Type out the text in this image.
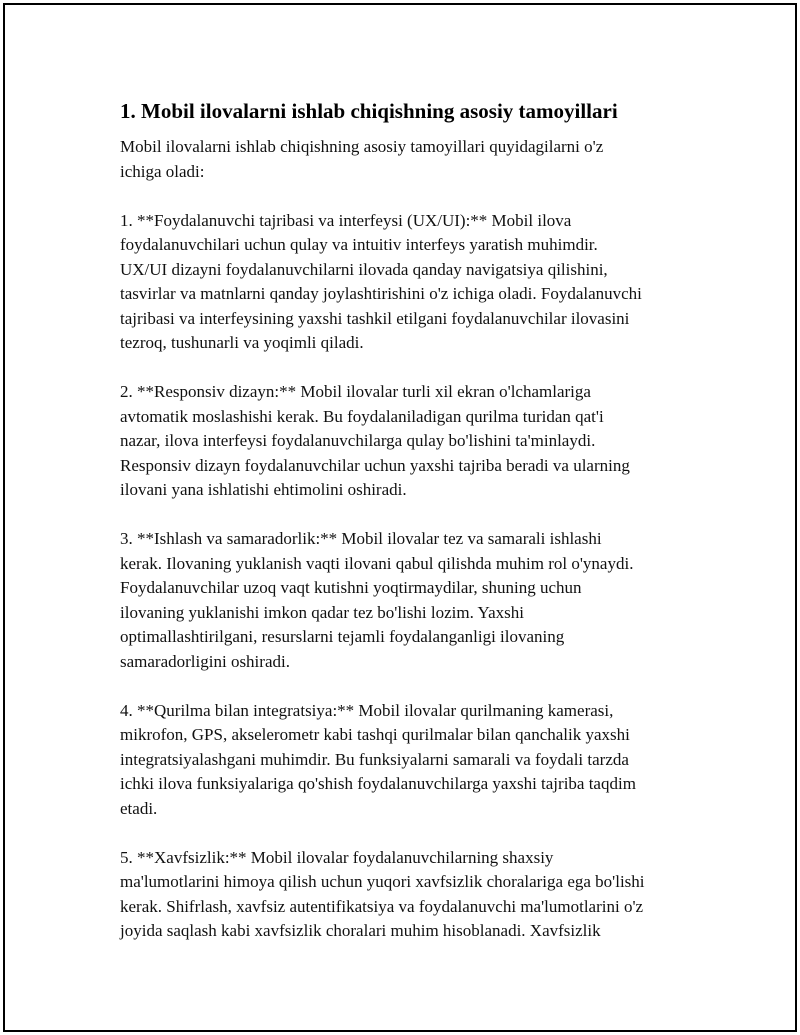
1. Mobil ilovalarni ishlab chiqishning asosiy tamoyillari

Mobil ilovalarni ishlab chiqishning asosiy tamoyillari quyidagilarni o'z
ichiga oladi:

1. **Foydalanuvchi tajribasi va interfeysi (UX/UI):** Mobil ilova
foydalanuvchilari uchun qulay va intuitiv interfeys yaratish muhimdir.
UX/UI dizayni foydalanuvchilarni ilovada qanday navigatsiya qilishini,
tasvirlar va matnlarni qanday joylashtirishini o'z ichiga oladi. Foydalanuvchi
tajribasi va interfeysining yaxshi tashkil etilgani foydalanuvchilar ilovasini
tezroq, tushunarli va yoqimli qiladi.

2. **Responsiv dizayn:** Mobil ilovalar turli xil ekran o'lchamlariga
avtomatik moslashishi kerak. Bu foydalaniladigan qurilma turidan qat'i
nazar, ilova interfeysi foydalanuvchilarga qulay bo'lishini ta'minlaydi.
Responsiv dizayn foydalanuvchilar uchun yaxshi tajriba beradi va ularning
ilovani yana ishlatishi ehtimolini oshiradi.

3. **Ishlash va samaradorlik:** Mobil ilovalar tez va samarali ishlashi
kerak. Ilovaning yuklanish vaqti ilovani qabul qilishda muhim rol o'ynaydi.
Foydalanuvchilar uzoq vaqt kutishni yoqtirmaydilar, shuning uchun
ilovaning yuklanishi imkon qadar tez bo'lishi lozim. Yaxshi
optimallashtirilgani, resurslarni tejamli foydalanganligi ilovaning
samaradorligini oshiradi.

4. **Qurilma bilan integratsiya:** Mobil ilovalar qurilmaning kamerasi,
mikrofon, GPS, akselerometr kabi tashqi qurilmalar bilan qanchalik yaxshi
integratsiyalashgani muhimdir. Bu funksiyalarni samarali va foydali tarzda
ichki ilova funksiyalariga qo'shish foydalanuvchilarga yaxshi tajriba taqdim
etadi.

5. **Xavfsizlik:** Mobil ilovalar foydalanuvchilarning shaxsiy
ma'lumotlarini himoya qilish uchun yuqori xavfsizlik choralariga ega bo'lishi
kerak. Shifrlash, xavfsiz autentifikatsiya va foydalanuvchi ma'lumotlarini o'z
joyida saqlash kabi xavfsizlik choralari muhim hisoblanadi. Xavfsizlik
